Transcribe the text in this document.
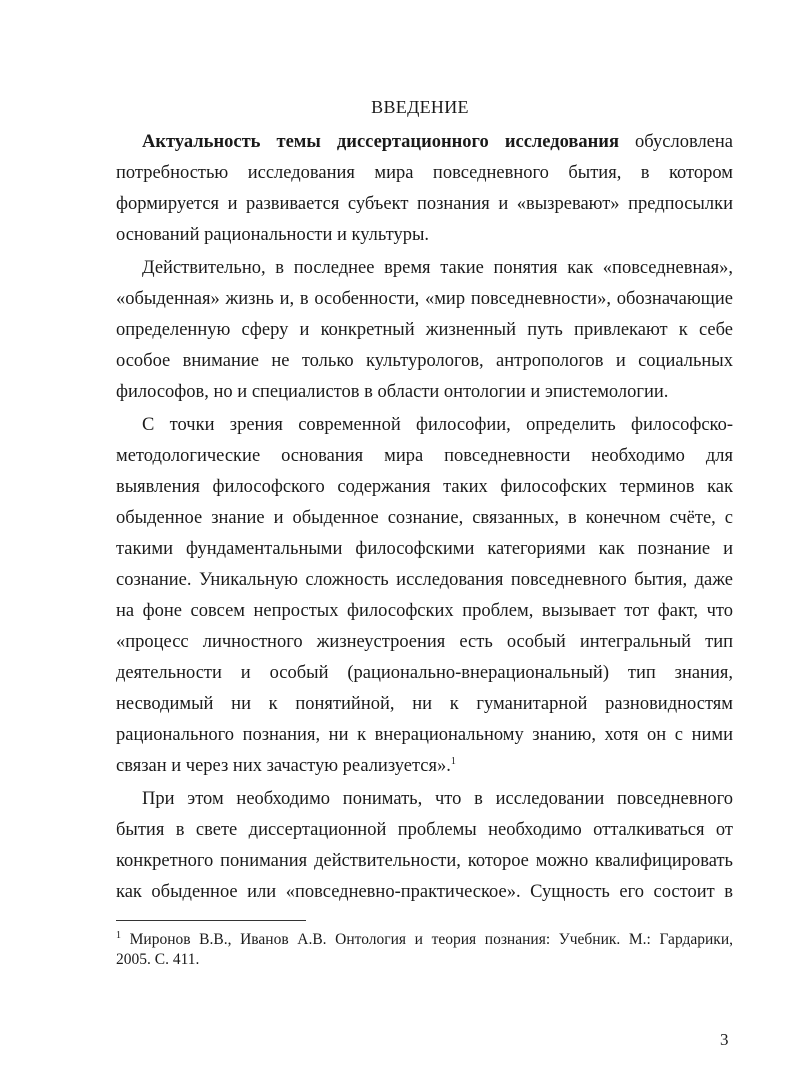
ВВЕДЕНИЕ
Актуальность темы диссертационного исследования обусловлена
потребностью исследования мира повседневного бытия, в котором
формируется и развивается субъект познания и «вызревают» предпосылки
оснований рациональности и культуры.
Действительно, в последнее время такие понятия как «повседневная»,
«обыденная» жизнь и, в особенности, «мир повседневности», обозначающие
определенную сферу и конкретный жизненный путь привлекают к себе
особое внимание не только культурологов, антропологов и социальных
философов, но и специалистов в области онтологии и эпистемологии.
С точки зрения современной философии, определить философско-
методологические основания мира повседневности необходимо для
выявления философского содержания таких философских терминов как
обыденное знание и обыденное сознание, связанных, в конечном счёте, с
такими фундаментальными философскими категориями как познание и
сознание. Уникальную сложность исследования повседневного бытия, даже
на фоне совсем непростых философских проблем, вызывает тот факт, что
«процесс личностного жизнеустроения есть особый интегральный тип
деятельности и особый (рационально-внерациональный) тип знания,
несводимый ни к понятийной, ни к гуманитарной разновидностям
рационального познания, ни к внерациональному знанию, хотя он с ними
связан и через них зачастую реализуется».$^1$
При этом необходимо понимать, что в исследовании повседневного
бытия в свете диссертационной проблемы необходимо отталкиваться от
конкретного понимания действительности, которое можно квалифицировать
как обыденное или «повседневно-практическое». Сущность его состоит в
$^1$ Миронов В.В., Иванов А.В. Онтология и теория познания: Учебник. М.: Гардарики,
2005. С. 411.
3
